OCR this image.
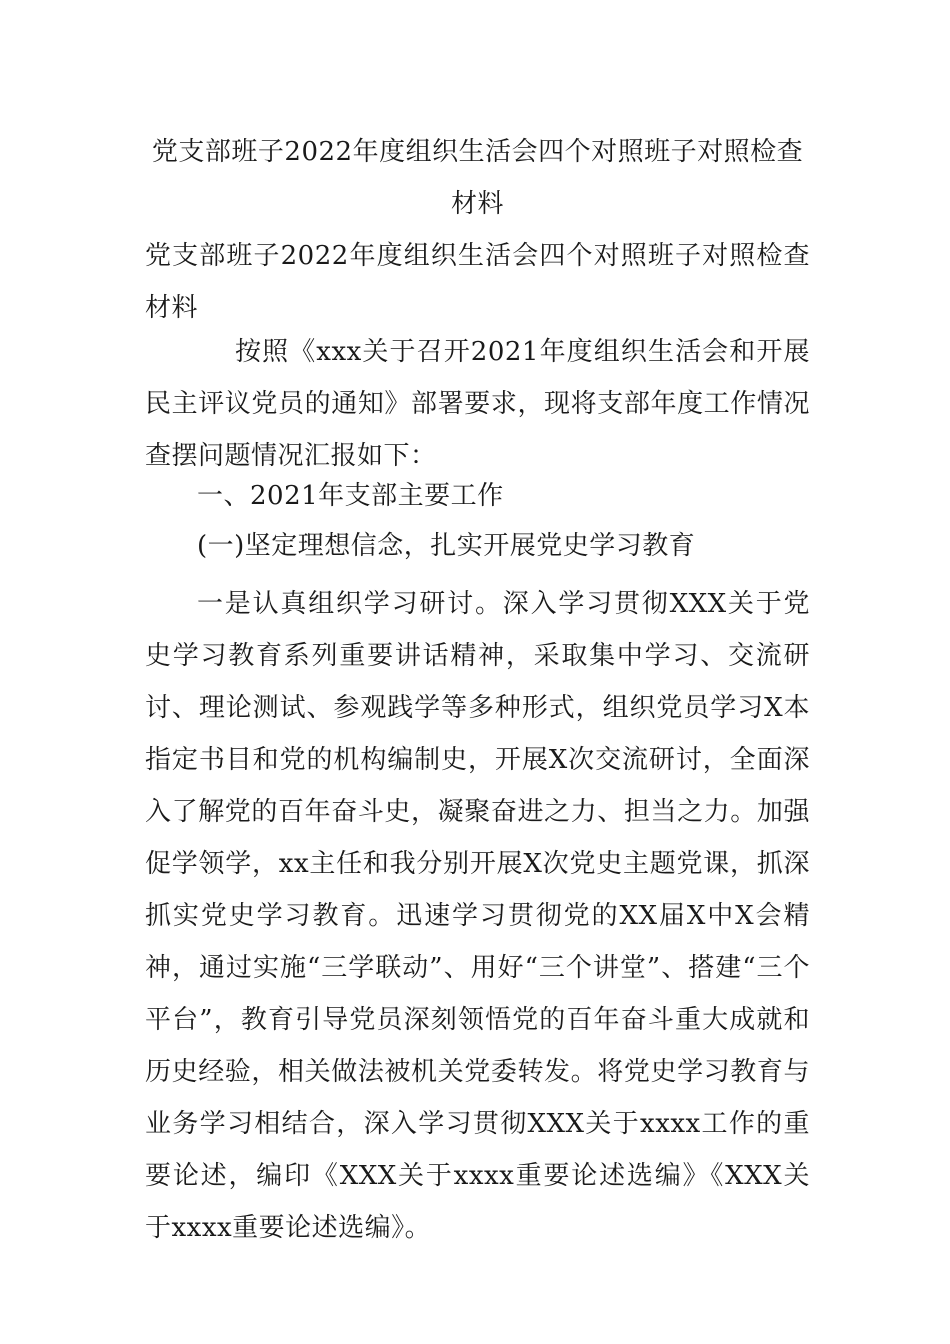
党支部班子2022年度组织生活会四个对照班子对照检查材料

党支部班子2022年度组织生活会四个对照班子对照检查材料

按照《xxx关于召开2021年度组织生活会和开展民主评议党员的通知》部署要求，现将支部年度工作情况查摆问题情况汇报如下：

一、2021年支部主要工作

(一)坚定理想信念，扎实开展党史学习教育

一是认真组织学习研讨。深入学习贯彻XXX关于党史学习教育系列重要讲话精神，采取集中学习、交流研讨、理论测试、参观践学等多种形式，组织党员学习X本指定书目和党的机构编制史，开展X次交流研讨，全面深入了解党的百年奋斗史，凝聚奋进之力、担当之力。加强促学领学，xx主任和我分别开展X次党史主题党课，抓深抓实党史学习教育。迅速学习贯彻党的XX届X中X会精神，通过实施“三学联动”、用好“三个讲堂”、搭建“三个平台”，教育引导党员深刻领悟党的百年奋斗重大成就和历史经验，相关做法被机关党委转发。将党史学习教育与业务学习相结合，深入学习贯彻XXX关于xxxx工作的重要论述，编印《XXX关于xxxx重要论述选编》《XXX关于xxxx重要论述选编》。
